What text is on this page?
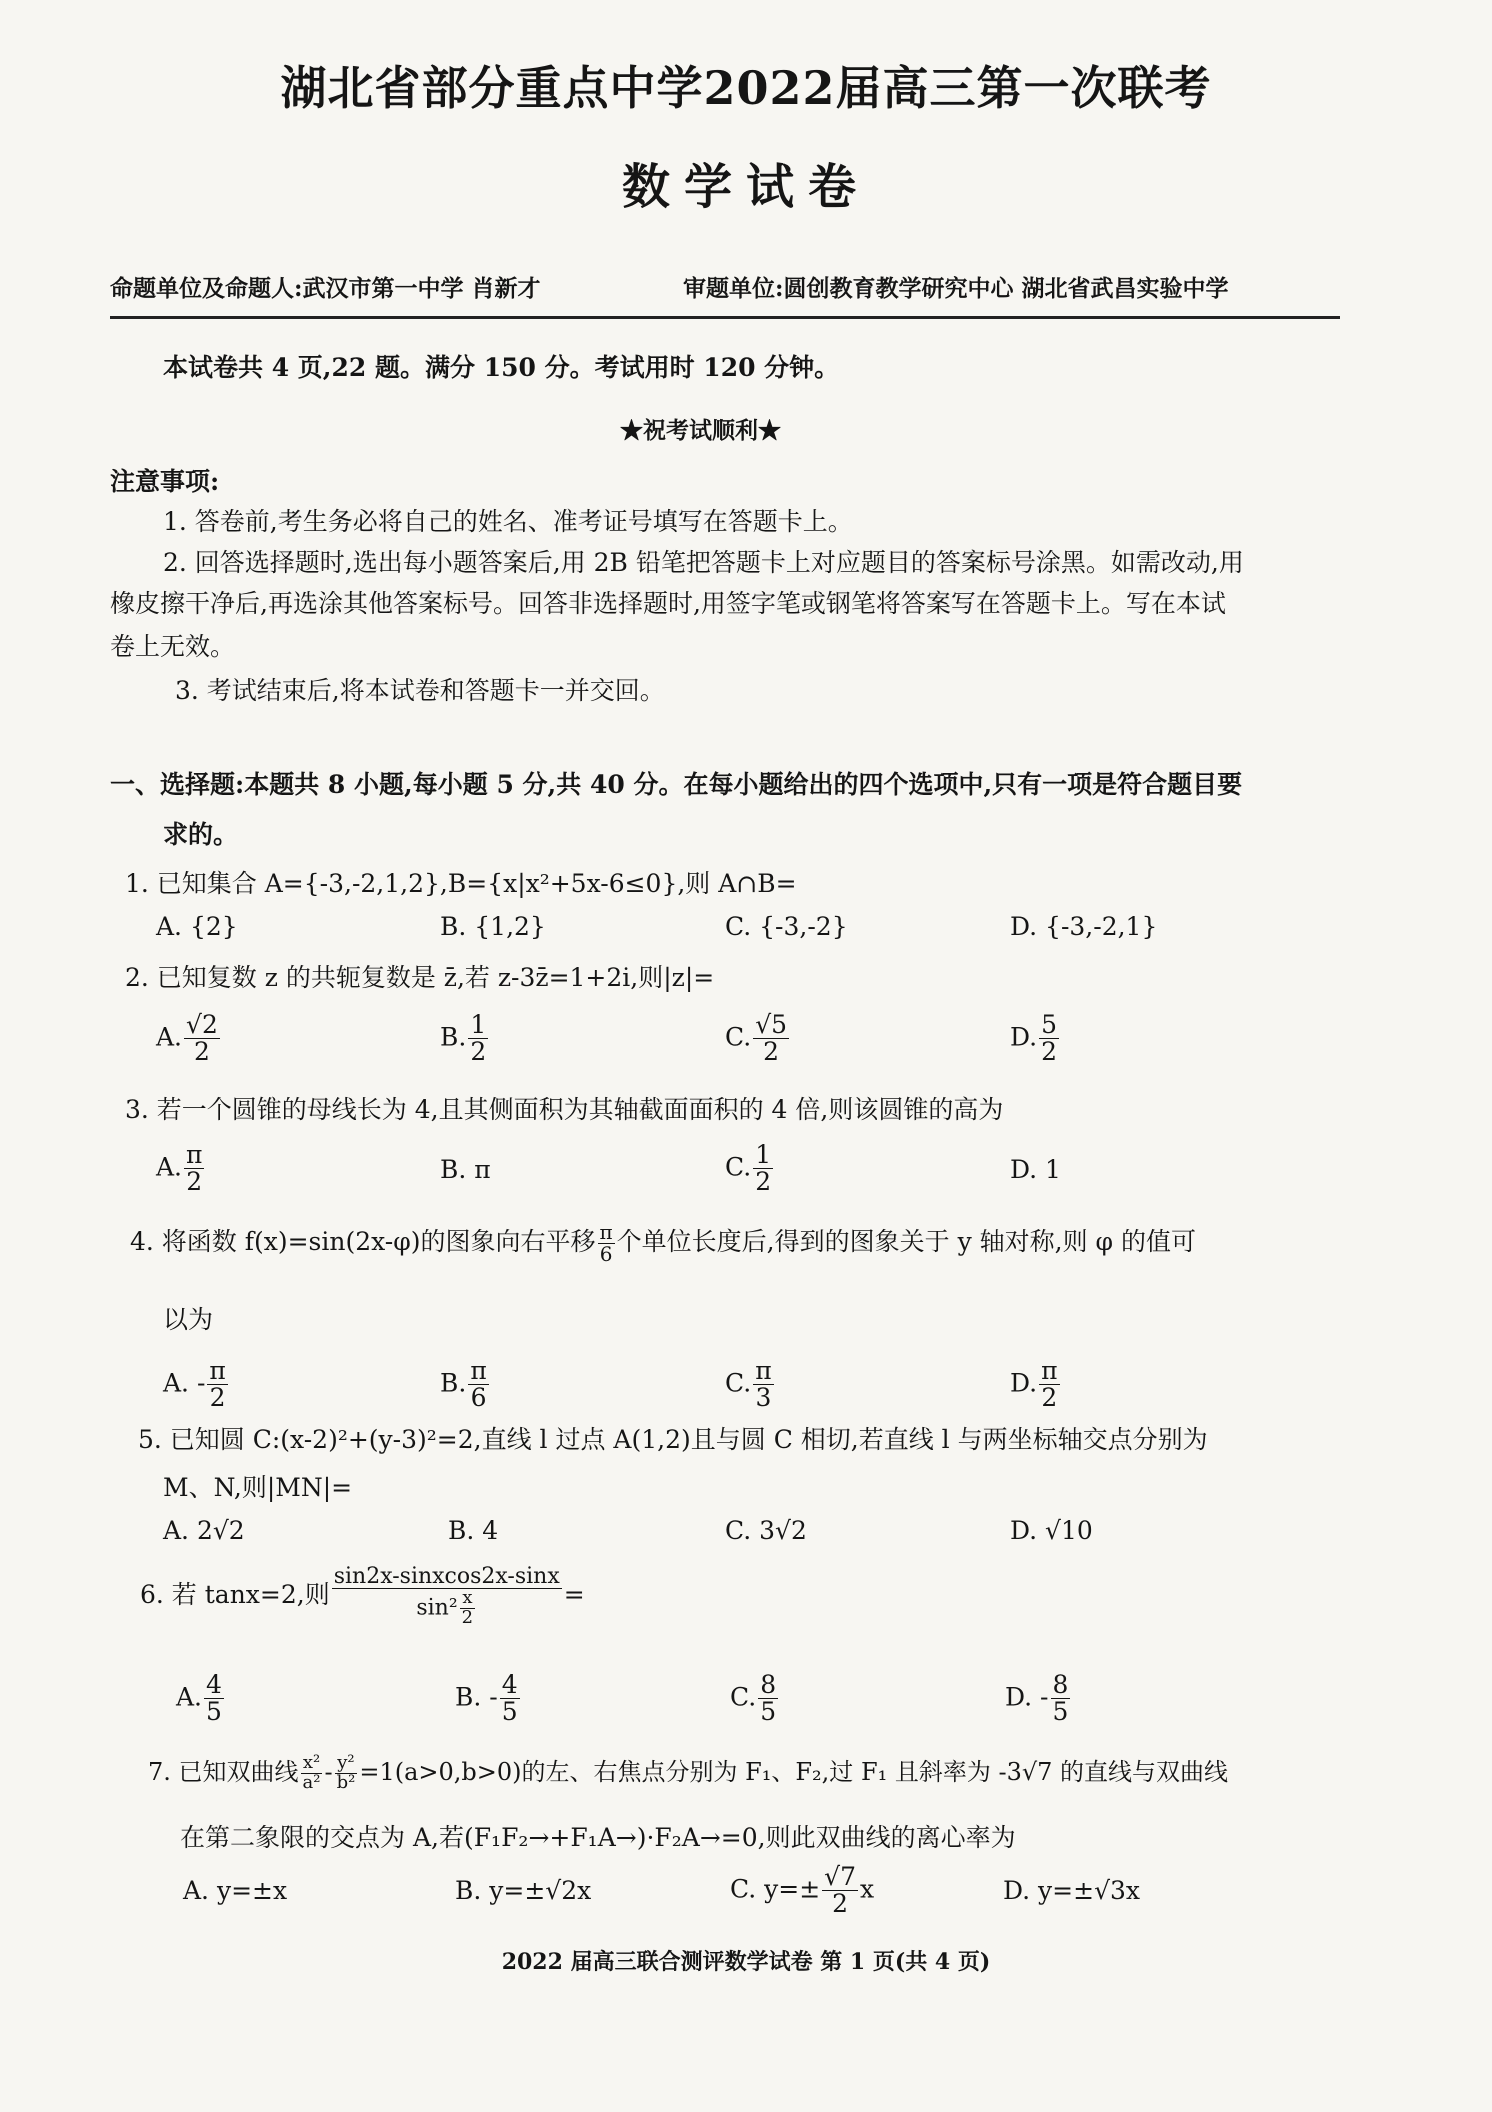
湖北省部分重点中学2022届高三第一次联考
数学试卷
命题单位及命题人:武汉市第一中学 肖新才	审题单位:圆创教育教学研究中心 湖北省武昌实验中学
本试卷共 4 页,22 题。满分 150 分。考试用时 120 分钟。
★祝考试顺利★
注意事项:
1. 答卷前,考生务必将自己的姓名、准考证号填写在答题卡上。
2. 回答选择题时,选出每小题答案后,用 2B 铅笔把答题卡上对应题目的答案标号涂黑。如需改动,用
橡皮擦干净后,再选涂其他答案标号。回答非选择题时,用签字笔或钢笔将答案写在答题卡上。写在本试
卷上无效。
3. 考试结束后,将本试卷和答题卡一并交回。
一、选择题:本题共 8 小题,每小题 5 分,共 40 分。在每小题给出的四个选项中,只有一项是符合题目要
求的。
1. 已知集合 A={-3,-2,1,2},B={x|x²+5x-6≤0},则 A∩B=
A. {2}	B. {1,2}	C. {-3,-2}	D. {-3,-2,1}
2. 已知复数 z 的共轭复数是 z̄,若 z-3z̄=1+2i,则|z|=
A. $\frac{√2}{2}$	B. $\frac{1}{2}$	C. $\frac{√5}{2}$	D. $\frac{5}{2}$
3. 若一个圆锥的母线长为 4,且其侧面积为其轴截面面积的 4 倍,则该圆锥的高为
A. $\frac{\pi}{2}$	B. π	C. $\frac{1}{2}$	D. 1
4. 将函数 f(x)=sin(2x-φ)的图象向右平移 $\frac{\pi}{6}$ 个单位长度后,得到的图象关于 y 轴对称,则 φ 的值可
以为
A. - $\frac{\pi}{2}$	B. $\frac{\pi}{6}$	C. $\frac{\pi}{3}$	D. $\frac{\pi}{2}$
5. 已知圆 C:(x-2)²+(y-3)²=2,直线 l 过点 A(1,2)且与圆 C 相切,若直线 l 与两坐标轴交点分别为
M、N,则|MN|=
A. 2√2	B. 4	C. 3√2	D. √10
6. 若 tanx=2,则 $\frac{\text{sin2x-sinxcos2x-sinx}}{\sin^2 \frac{x}{2}}$ =
A. $\frac{4}{5}$	B. - $\frac{4}{5}$	C. $\frac{8}{5}$	D. - $\frac{8}{5}$
7. 已知双曲线 $\frac{\text{x²}}{\text{a²}} - \frac{\text{y²}}{\text{b²}} =1(a>0,b>0)$的左、右焦点分别为 F₁、F₂,过 F₁ 且斜率为 -3√7 的直线与双曲线
在第二象限的交点为 A,若(F₁F₂→+F₁A→)·F₂A→=0,则此双曲线的离心率为
A. y=±x	B. y=±√2x	C. $y=\pm \frac{√7}{2}$ x	D. y=±√3x
2022 届高三联合测评数学试卷 第 1 页(共 4 页)
